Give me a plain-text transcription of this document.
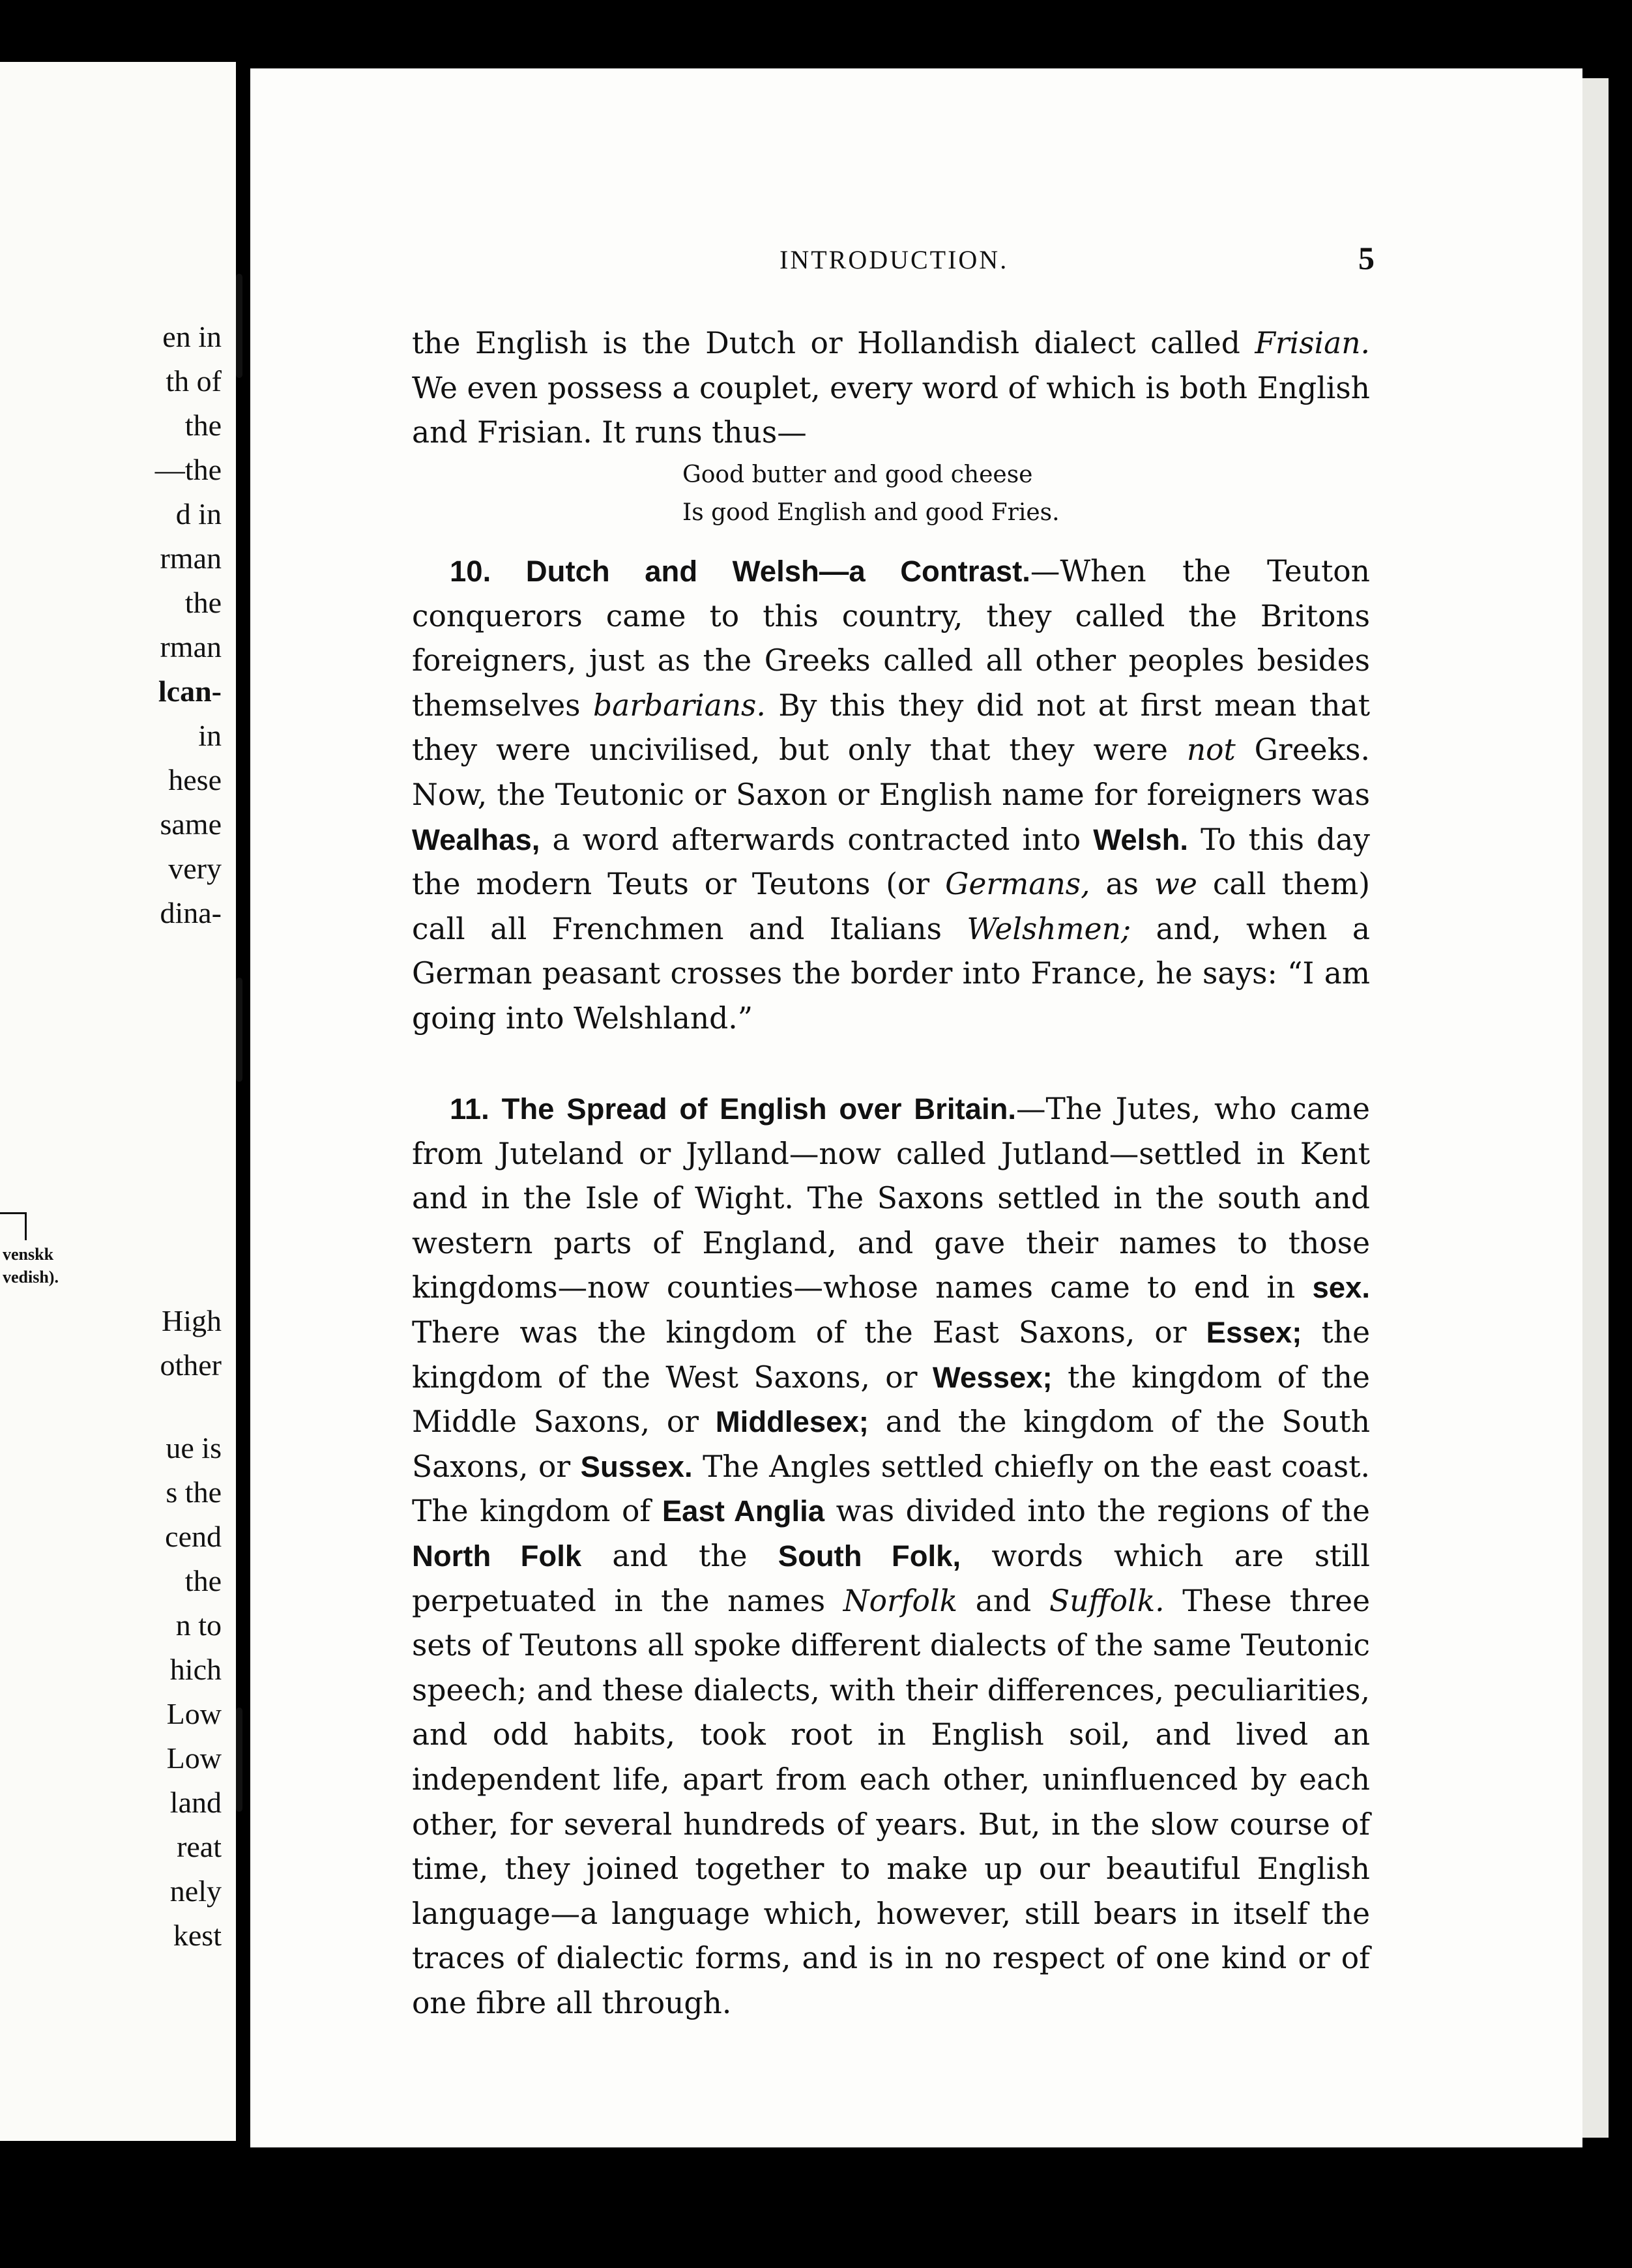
en in
th of
the
—the
d in
rman
the
rman
lcan-
in
hese
same
very
dina-
venskk
vedish).
High
other
ue is
s the
cend
the
n to
hich
Low
Low
land
reat
nely
kest
INTRODUCTION.	5

the English is the Dutch or Hollandish dialect called Frisian. We even possess a couplet, every word of which is both English and Frisian. It runs thus—

Good butter and good cheese
Is good English and good Fries.

10. Dutch and Welsh—a Contrast.—When the Teuton conquerors came to this country, they called the Britons foreigners, just as the Greeks called all other peoples besides themselves barbarians. By this they did not at first mean that they were uncivilised, but only that they were not Greeks. Now, the Teutonic or Saxon or English name for foreigners was Wealhas, a word afterwards contracted into Welsh. To this day the modern Teuts or Teutons (or Germans, as we call them) call all Frenchmen and Italians Welshmen; and, when a German peasant crosses the border into France, he says: “I am going into Welshland.”

11. The Spread of English over Britain.—The Jutes, who came from Juteland or Jylland—now called Jutland—settled in Kent and in the Isle of Wight. The Saxons settled in the south and western parts of England, and gave their names to those kingdoms—now counties—whose names came to end in sex. There was the kingdom of the East Saxons, or Essex; the kingdom of the West Saxons, or Wessex; the kingdom of the Middle Saxons, or Middlesex; and the kingdom of the South Saxons, or Sussex. The Angles settled chiefly on the east coast. The kingdom of East Anglia was divided into the regions of the North Folk and the South Folk, words which are still perpetuated in the names Norfolk and Suffolk. These three sets of Teutons all spoke different dialects of the same Teutonic speech; and these dialects, with their differences, peculiarities, and odd habits, took root in English soil, and lived an independent life, apart from each other, uninfluenced by each other, for several hundreds of years. But, in the slow course of time, they joined together to make up our beautiful English language—a language which, however, still bears in itself the traces of dialectic forms, and is in no respect of one kind or of one fibre all through.
